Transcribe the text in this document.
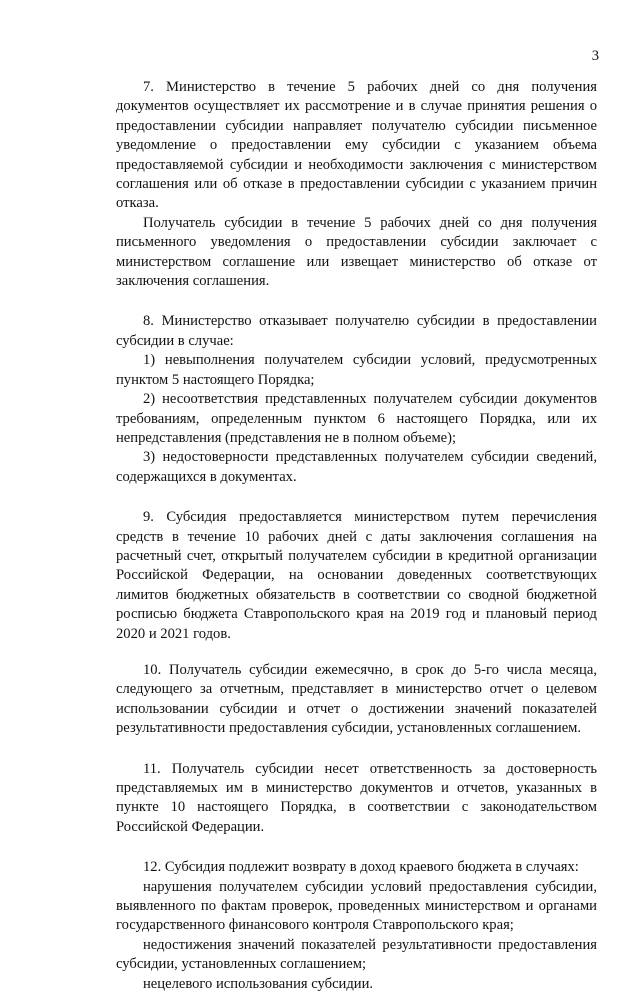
3

7. Министерство в течение 5 рабочих дней со дня получения документов осуществляет их рассмотрение и в случае принятия решения о предоставлении субсидии направляет получателю субсидии письменное уведомление о предоставлении ему субсидии с указанием объема предоставляемой субсидии и необходимости заключения с министерством соглашения или об отказе в предоставлении субсидии с указанием причин отказа.

Получатель субсидии в течение 5 рабочих дней со дня получения письменного уведомления о предоставлении субсидии заключает с министерством соглашение или извещает министерство об отказе от заключения соглашения.

8. Министерство отказывает получателю субсидии в предоставлении субсидии в случае:

1) невыполнения получателем субсидии условий, предусмотренных пунктом 5 настоящего Порядка;

2) несоответствия представленных получателем субсидии документов требованиям, определенным пунктом 6 настоящего Порядка, или их непредставления (представления не в полном объеме);

3) недостоверности представленных получателем субсидии сведений, содержащихся в документах.

9. Субсидия предоставляется министерством путем перечисления средств в течение 10 рабочих дней с даты заключения соглашения на расчетный счет, открытый получателем субсидии в кредитной организации Российской Федерации, на основании доведенных соответствующих лимитов бюджетных обязательств в соответствии со сводной бюджетной росписью бюджета Ставропольского края на 2019 год и плановый период 2020 и 2021 годов.

10. Получатель субсидии ежемесячно, в срок до 5-го числа месяца, следующего за отчетным, представляет в министерство отчет о целевом использовании субсидии и отчет о достижении значений показателей результативности предоставления субсидии, установленных соглашением.

11. Получатель субсидии несет ответственность за достоверность представляемых им в министерство документов и отчетов, указанных в пункте 10 настоящего Порядка, в соответствии с законодательством Российской Федерации.

12. Субсидия подлежит возврату в доход краевого бюджета в случаях:

нарушения получателем субсидии условий предоставления субсидии, выявленного по фактам проверок, проведенных министерством и органами государственного финансового контроля Ставропольского края;

недостижения значений показателей результативности предоставления субсидии, установленных соглашением;

нецелевого использования субсидии.
